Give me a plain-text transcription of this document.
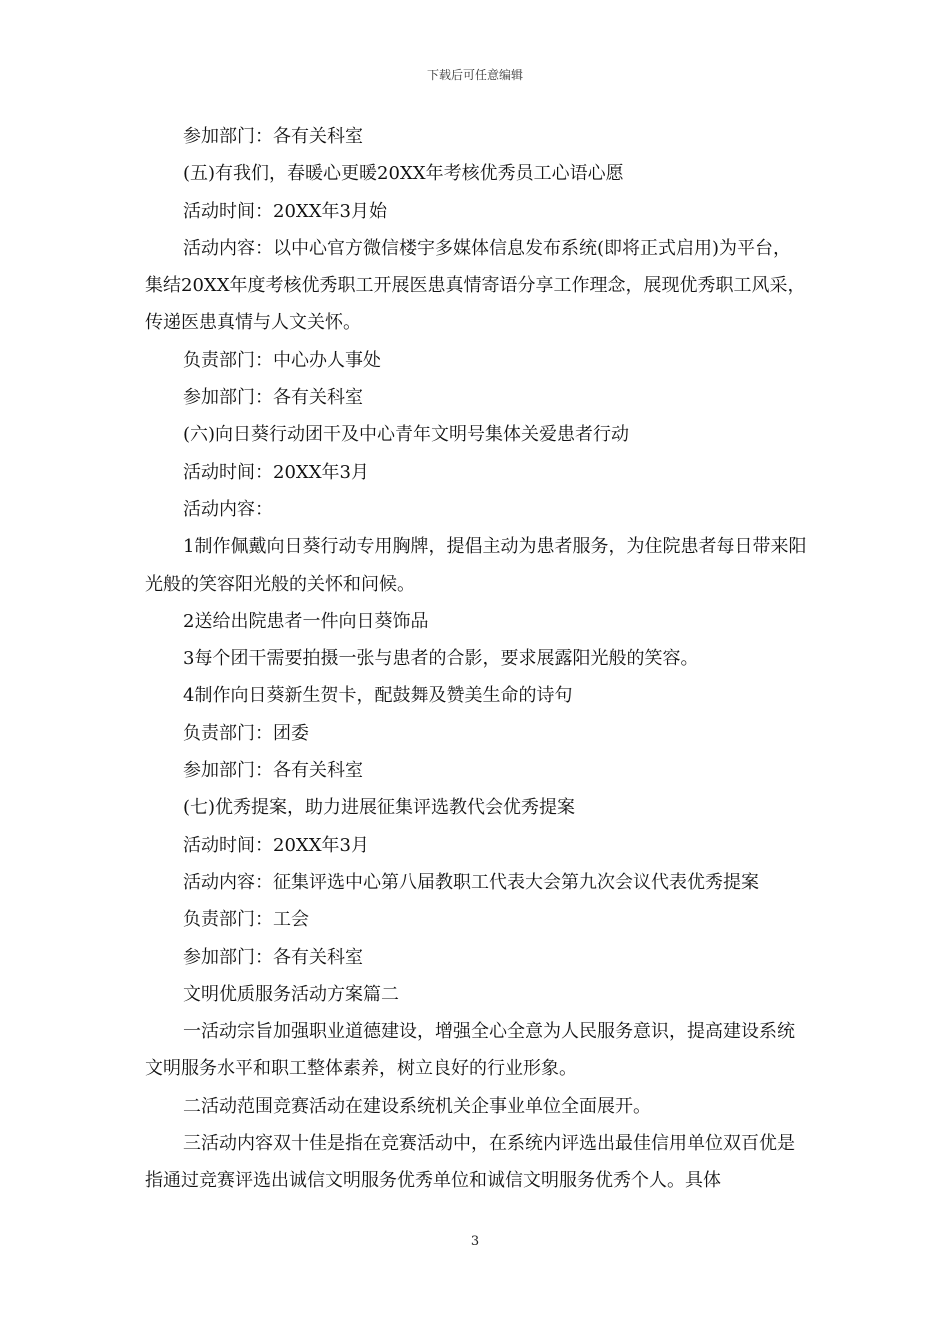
下载后可任意编辑

参加部门：各有关科室

(五)有我们，春暖心更暖20XX年考核优秀员工心语心愿

活动时间：20XX年3月始

活动内容：以中心官方微信楼宇多媒体信息发布系统(即将正式启用)为平台，集结20XX年度考核优秀职工开展医患真情寄语分享工作理念，展现优秀职工风采，传递医患真情与人文关怀。

负责部门：中心办人事处

参加部门：各有关科室

(六)向日葵行动团干及中心青年文明号集体关爱患者行动

活动时间：20XX年3月

活动内容：

1制作佩戴向日葵行动专用胸牌，提倡主动为患者服务，为住院患者每日带来阳光般的笑容阳光般的关怀和问候。

2送给出院患者一件向日葵饰品

3每个团干需要拍摄一张与患者的合影，要求展露阳光般的笑容。

4制作向日葵新生贺卡，配鼓舞及赞美生命的诗句

负责部门：团委

参加部门：各有关科室

(七)优秀提案，助力进展征集评选教代会优秀提案

活动时间：20XX年3月

活动内容：征集评选中心第八届教职工代表大会第九次会议代表优秀提案

负责部门：工会

参加部门：各有关科室

文明优质服务活动方案篇二

一活动宗旨加强职业道德建设，增强全心全意为人民服务意识，提高建设系统文明服务水平和职工整体素养，树立良好的行业形象。

二活动范围竞赛活动在建设系统机关企事业单位全面展开。

三活动内容双十佳是指在竞赛活动中，在系统内评选出最佳信用单位双百优是指通过竞赛评选出诚信文明服务优秀单位和诚信文明服务优秀个人。具体

3
